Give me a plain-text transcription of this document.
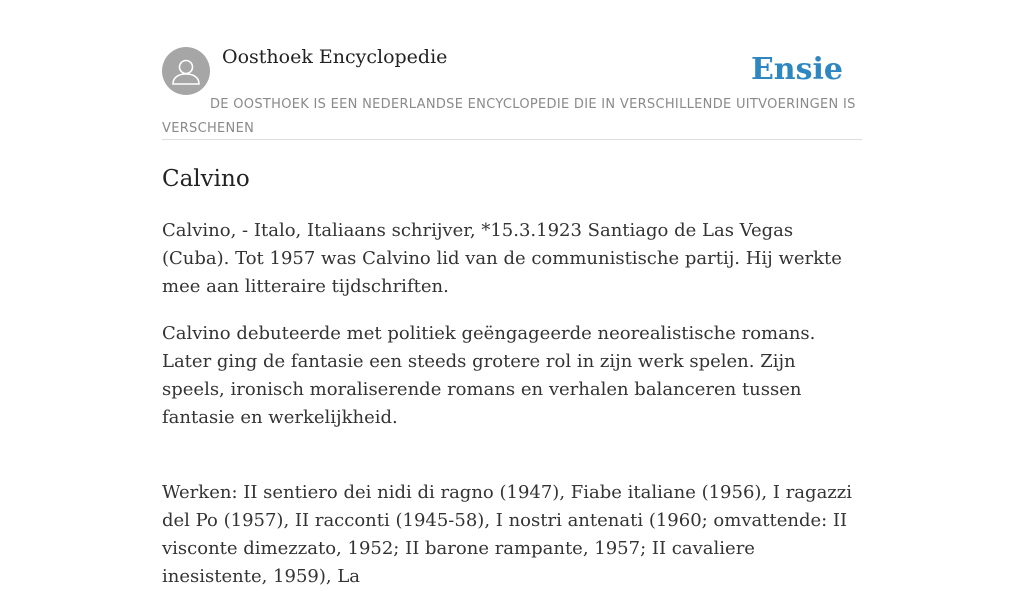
Oosthoek Encyclopedie	Ensie
DE OOSTHOEK IS EEN NEDERLANDSE ENCYCLOPEDIE DIE IN VERSCHILLENDE UITVOERINGEN IS VERSCHENEN
Calvino

Calvino, - Italo, Italiaans schrijver, *15.3.1923 Santiago de Las Vegas (Cuba). Tot 1957 was Calvino lid van de communistische partij. Hij werkte mee aan litteraire tijdschriften.

Calvino debuteerde met politiek geëngageerde neorealistische romans. Later ging de fantasie een steeds grotere rol in zijn werk spelen. Zijn speels, ironisch moraliserende romans en verhalen balanceren tussen fantasie en werkelijkheid.

Werken: II sentiero dei nidi di ragno (1947), Fiabe italiane (1956), I ragazzi del Po (1957), II racconti (1945-58), I nostri antenati (1960; omvattende: II visconte dimezzato, 1952; II barone rampante, 1957; II cavaliere inesistente, 1959), La
